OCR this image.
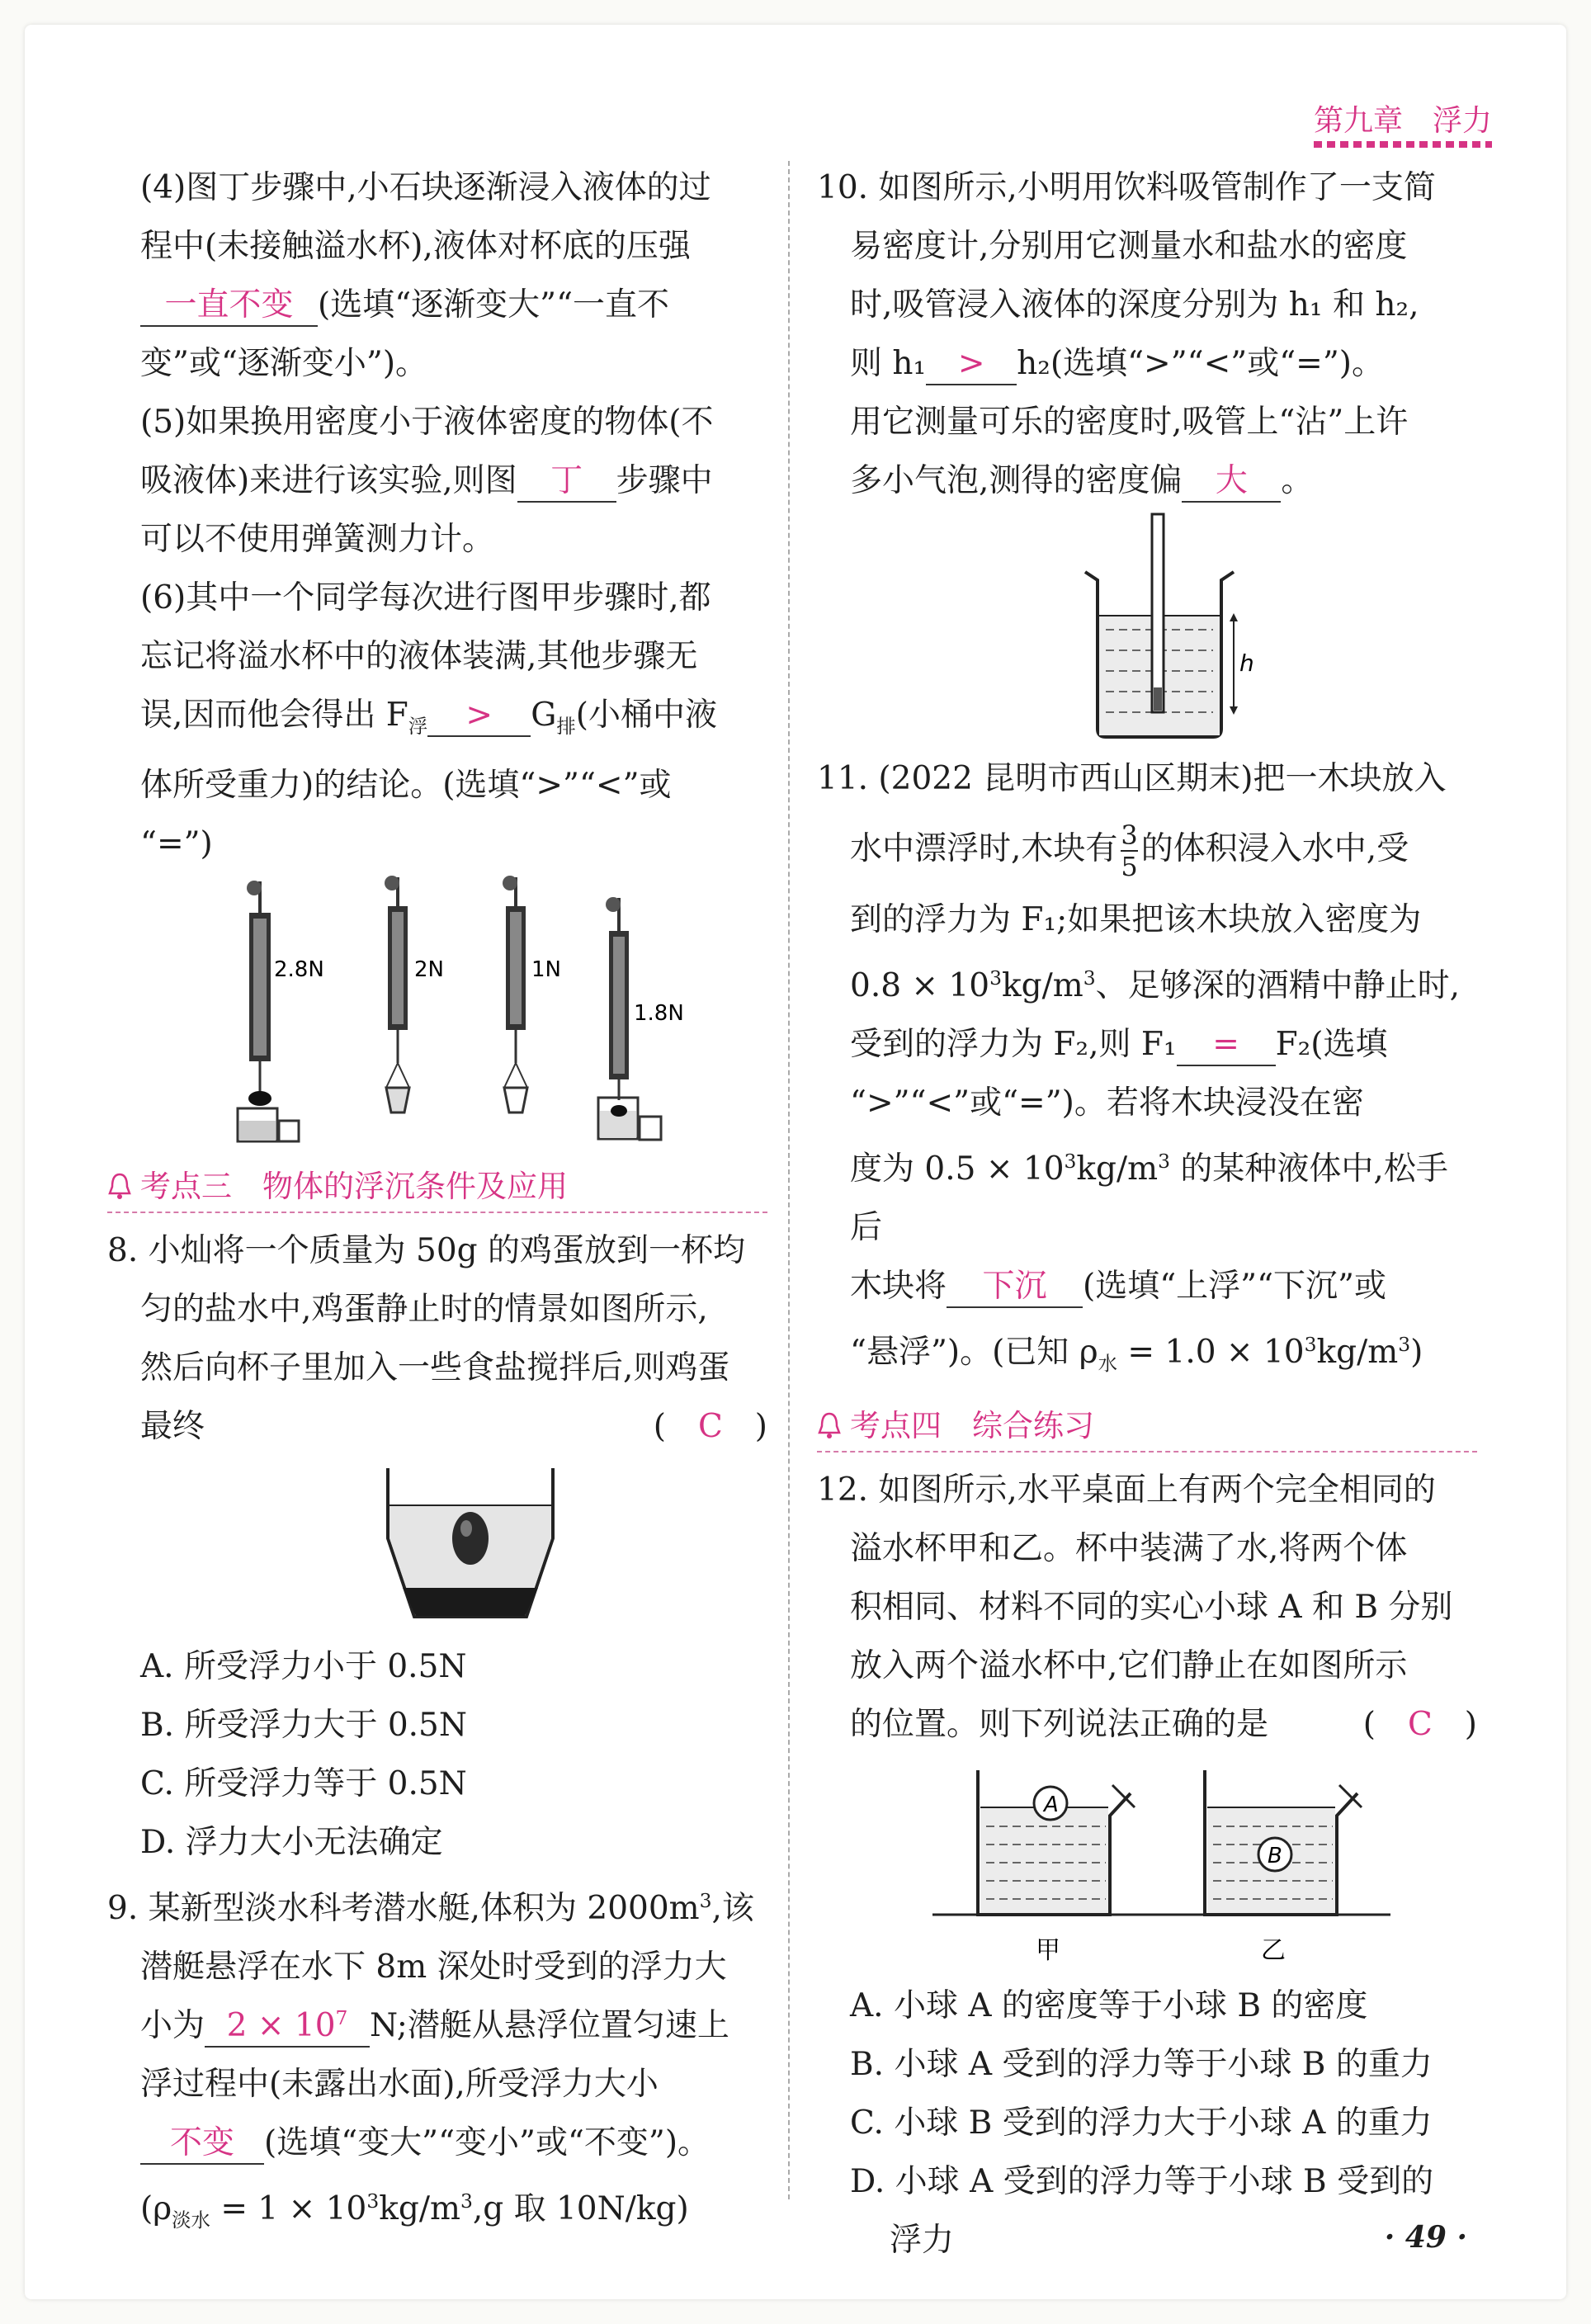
第九章　 浮力

(4)图丁步骤中,小石块逐渐浸入液体的过

程中(未接触溢水杯),液体对杯底的压强

一直不变 (选填“逐渐变大”“一直不

变”或“逐渐变小”)。

(5)如果换用密度小于液体密度的物体(不

吸液体)来进行该实验,则图 丁 步骤中

可以不使用弹簧测力计。

(6)其中一个同学每次进行图甲步骤时,都

忘记将溢水杯中的液体装满,其他步骤无

误,因而他会得出 $F_浮 > G_排$(小桶中液

体所受重力)的结论。(选填“>”“<”或

“=”)

2.8N	2N	1N
1.8N
考点三　物体的浮沉条件及应用

8. 小灿将一个质量为 50g 的鸡蛋放到一杯均

匀的盐水中,鸡蛋静止时的情景如图所示,

然后向杯子里加入一些食盐搅拌后,则鸡蛋

最终	(　C　)

A. 所受浮力小于 0.5N

B. 所受浮力大于 0.5N

C. 所受浮力等于 0.5N

D. 浮力大小无法确定

9. 某新型淡水科考潜水艇,体积为 $2000m^3$,该

潜艇悬浮在水下 8m 深处时受到的浮力大

小为 $2 \times 10^7$ N;潜艇从悬浮位置匀速上

浮过程中(未露出水面),所受浮力大小

不变 (选填“变大”“变小”或“不变”)。

($\rho_{淡水} = 1 \times 10^3kg/m^3,g$ 取 10N/kg)

10. 如图所示,小明用饮料吸管制作了一支简

易密度计,分别用它测量水和盐水的密度

时,吸管浸入液体的深度分别为 h₁ 和 h₂,

则 h₁ > h₂(选填“>”“<”或“=”)。

用它测量可乐的密度时,吸管上“沾”上许

多小气泡,测得的密度偏 大 。

h

11. (2022 昆明市西山区期末)把一木块放入

水中漂浮时,木块有 $\frac{3}{5}$ 的体积浸入水中,受

到的浮力为 F₁;如果把该木块放入密度为

$0.8 \times 10^3kg/m^3$、足够深的酒精中静止时,

受到的浮力为 F₂,则 F₁ = F₂(选填

“>”“<”或“=”)。若将木块浸没在密

度为 $0.5 \times 10^3kg/m^3$ 的某种液体中,松手后

木块将 下沉 (选填“上浮”“下沉”或

“悬浮”)。(已知 $\rho_水 = 1.0 \times 10^3kg/m^3$)

考点四　综合练习

12. 如图所示,水平桌面上有两个完全相同的

溢水杯甲和乙。杯中装满了水,将两个体

积相同、材料不同的实心小球 A 和 B 分别

放入两个溢水杯中,它们静止在如图所示

的位置。则下列说法正确的是	(　C　)

A
B
甲	乙

A. 小球 A 的密度等于小球 B 的密度

B. 小球 A 受到的浮力等于小球 B 的重力

C. 小球 B 受到的浮力大于小球 A 的重力

D. 小球 A 受到的浮力等于小球 B 受到的

浮力	· 49 ·
